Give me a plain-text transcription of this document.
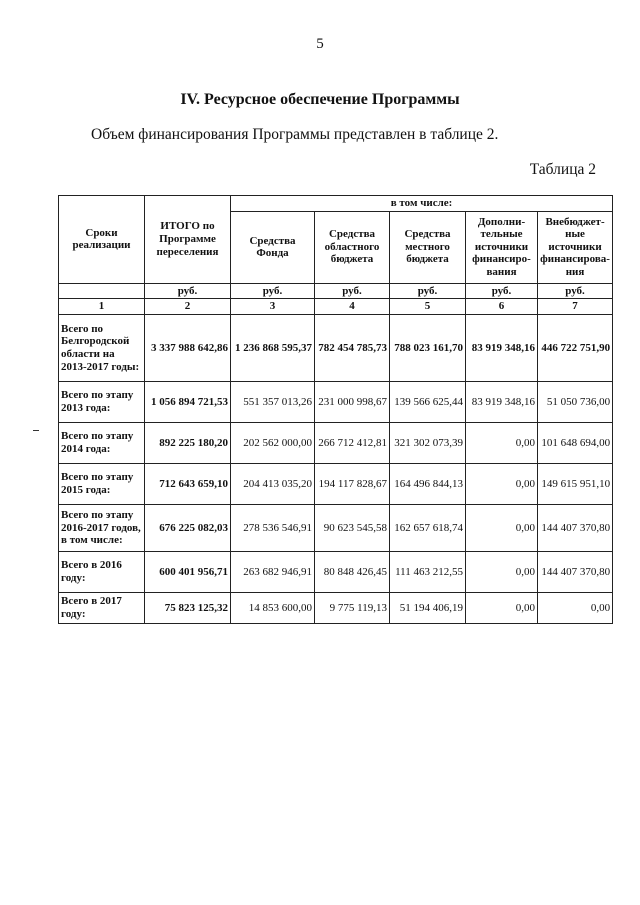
5
IV. Ресурсное обеспечение Программы
Объем финансирования Программы представлен в таблице 2.
Таблица 2
Сроки реализации	ИТОГО по Программе переселения	в том числе:				
		Средства Фонда	Средства областного бюджета	Средства местного бюджета	Дополни-тельные источники финансиро-вания	Внебюджет-ные источники финансирова-ния
	руб.	руб.	руб.	руб.	руб.	руб.
1	2	3	4	5	6	7
Всего по Белгородской области на 2013-2017 годы:	3 337 988 642,86	1 236 868 595,37	782 454 785,73	788 023 161,70	83 919 348,16	446 722 751,90
Всего по этапу 2013 года:	1 056 894 721,53	551 357 013,26	231 000 998,67	139 566 625,44	83 919 348,16	51 050 736,00
Всего по этапу 2014 года:	892 225 180,20	202 562 000,00	266 712 412,81	321 302 073,39	0,00	101 648 694,00
Всего по этапу 2015 года:	712 643 659,10	204 413 035,20	194 117 828,67	164 496 844,13	0,00	149 615 951,10
Всего по этапу 2016-2017 годов, в том числе:	676 225 082,03	278 536 546,91	90 623 545,58	162 657 618,74	0,00	144 407 370,80
Всего в 2016 году:	600 401 956,71	263 682 946,91	80 848 426,45	111 463 212,55	0,00	144 407 370,80
Всего в 2017 году:	75 823 125,32	14 853 600,00	9 775 119,13	51 194 406,19	0,00	0,00
